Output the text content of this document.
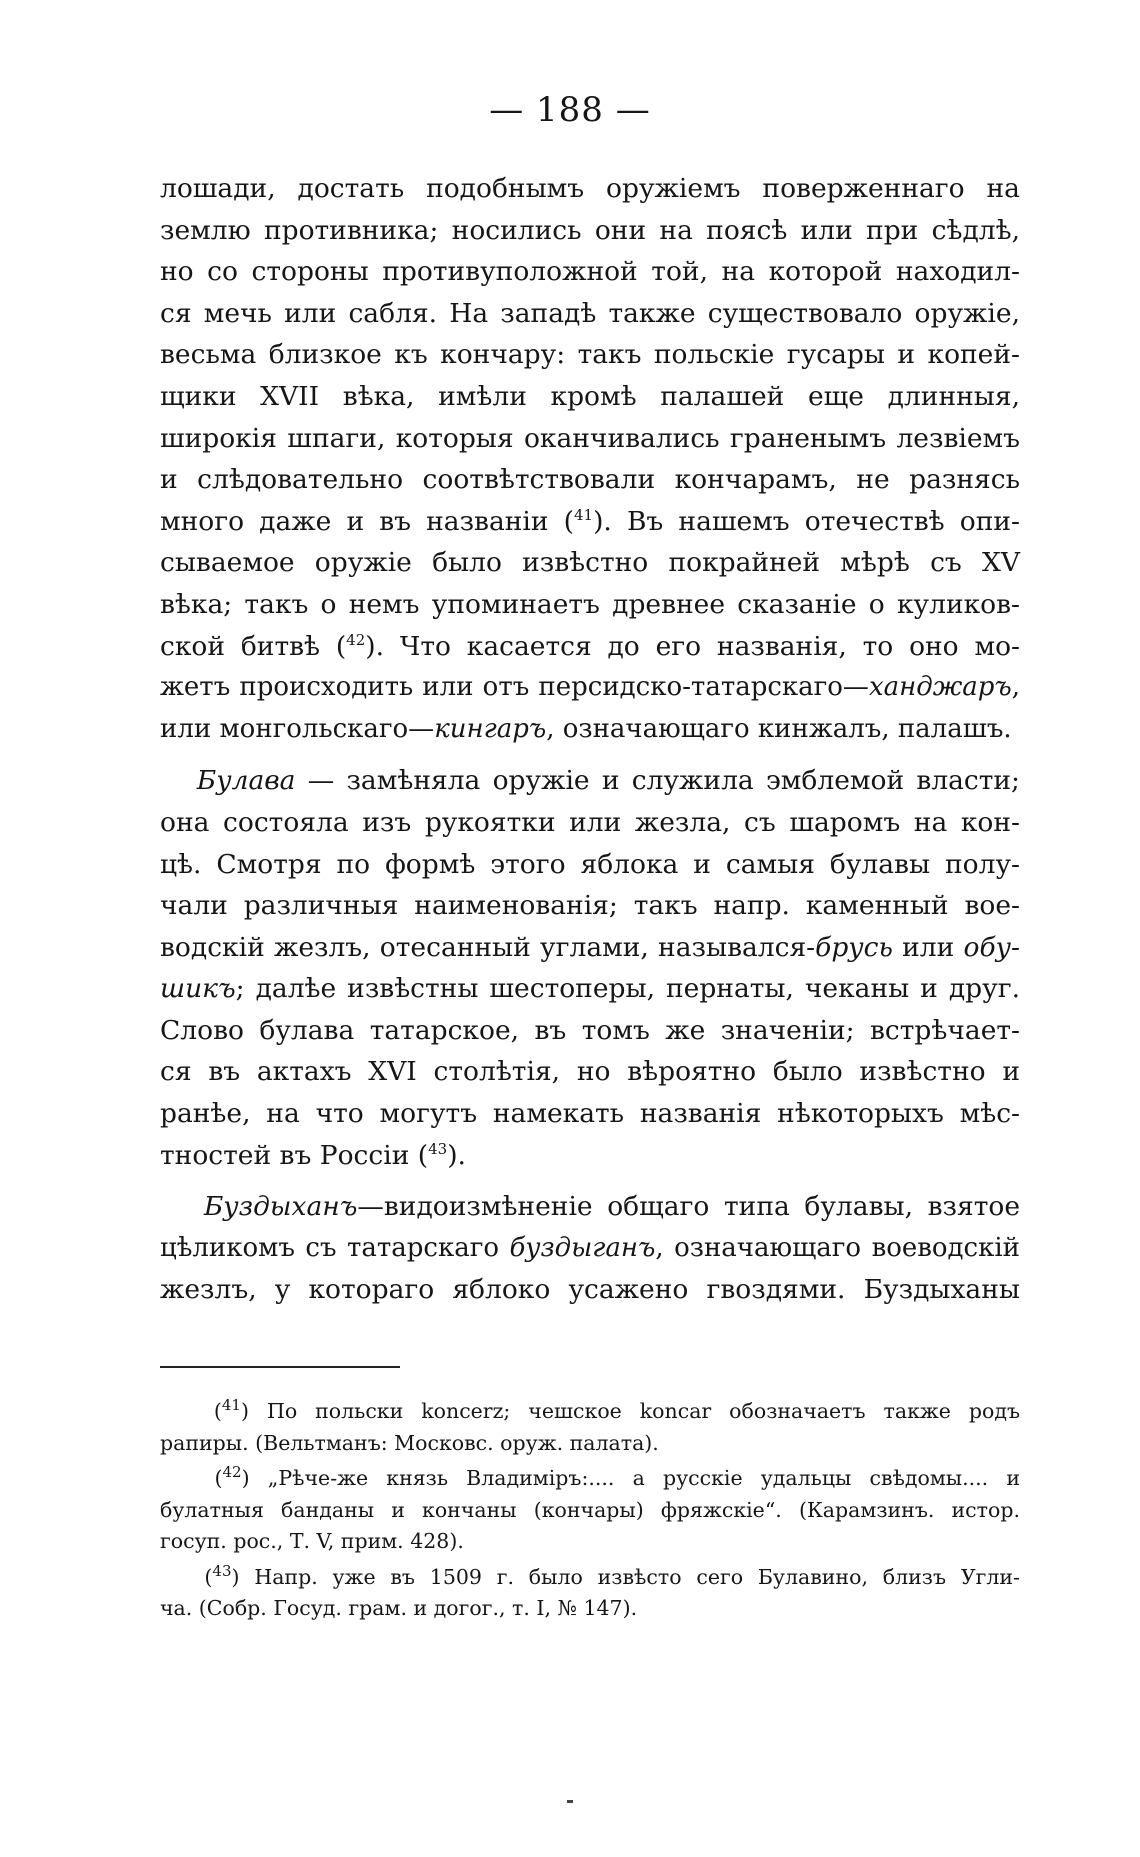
— 188 —
лошади, достать подобнымъ оружіемъ поверженнаго на
землю противника; носились они на поясѣ или при сѣдлѣ,
но со стороны противуположной той, на которой находил-
ся мечь или сабля. На западѣ также существовало оружіе,
весьма близкое къ кончару: такъ польскіе гусары и копей-
щики XVII вѣка, имѣли кромѣ палашей еще длинныя,
широкія шпаги, которыя оканчивались граненымъ лезвіемъ
и слѣдовательно соотвѣтствовали кончарамъ, не разнясь
много даже и въ названіи ($^{41}$). Въ нашемъ отечествѣ опи-
сываемое оружіе было извѣстно покрайней мѣрѣ съ XV
вѣка; такъ о немъ упоминаетъ древнее сказаніе о куликов-
ской битвѣ ($^{42}$). Что касается до его названія, то оно мо-
жетъ происходить или отъ персидско-татарскаго—ханджаръ,
или монгольскаго—кингаръ, означающаго кинжалъ, палашъ.
Булава — замѣняла оружіе и служила эмблемой власти;
она состояла изъ рукоятки или жезла, съ шаромъ на кон-
цѣ. Смотря по формѣ этого яблока и самыя булавы полу-
чали различныя наименованія; такъ напр. каменный вое-
водскій жезлъ, отесанный углами, назывался-брусь или обу-
шикъ; далѣе извѣстны шестоперы, пернаты, чеканы и друг.
Слово булава татарское, въ томъ же значеніи; встрѣчает-
ся въ актахъ XVI столѣтія, но вѣроятно было извѣстно и
ранѣе, на что могутъ намекать названія нѣкоторыхъ мѣс-
тностей въ Россіи ($^{43}$).
Буздыханъ—видоизмѣненіе общаго типа булавы, взятое
цѣликомъ съ татарскаго буздыганъ, означающаго воеводскій
жезлъ, у котораго яблоко усажено гвоздями. Буздыханы
($^{41}$) По польски koncerz; чешское koncar обозначаетъ также родъ
рапиры. (Вельтманъ: Московс. оруж. палата).
($^{42}$) „Рѣче-же князь Владиміръ:.... а русскіе удальцы свѣдомы.... и
булатныя банданы и кончаны (кончары) фряжскіе“. (Карамзинъ. истор.
госуп. рос., Т. V, прим. 428).
($^{43}$) Напр. уже въ 1509 г. было извѣсто сего Булавино, близъ Угли-
ча. (Собр. Госуд. грам. и догог., т. I, № 147).
